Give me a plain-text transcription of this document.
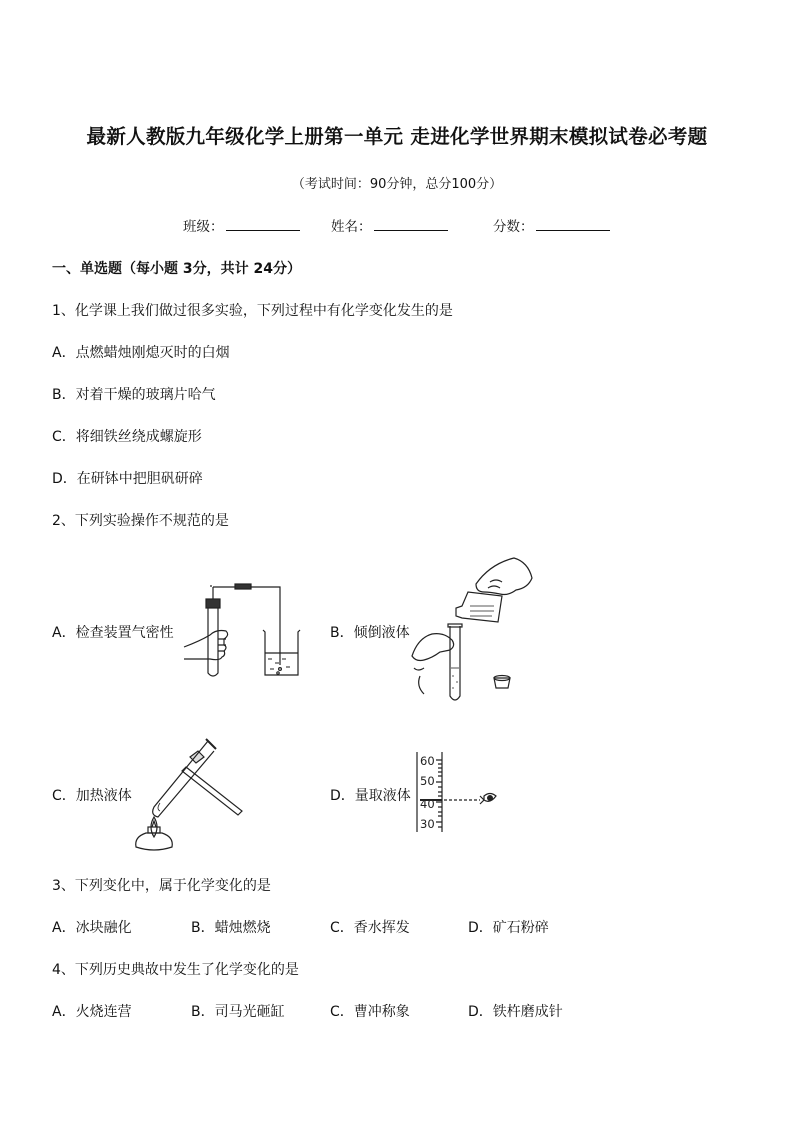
最新人教版九年级化学上册第一单元 走进化学世界期末模拟试卷必考题
（考试时间：90分钟，总分100分）
班级：	姓名：	分数：
一、单选题（每小题 3分，共计 24分）
1、化学课上我们做过很多实验，下列过程中有化学变化发生的是
A．点燃蜡烛刚熄灭时的白烟
B．对着干燥的玻璃片哈气
C．将细铁丝绕成螺旋形
D．在研钵中把胆矾研碎
2、下列实验操作不规范的是
A．检查装置气密性	B．倾倒液体
C．加热液体	D．量取液体
60
50
40
30
3、下列变化中，属于化学变化的是
A．冰块融化	B．蜡烛燃烧	C．香水挥发	D．矿石粉碎
4、下列历史典故中发生了化学变化的是
A．火烧连营	B．司马光砸缸	C．曹冲称象	D．铁杵磨成针
